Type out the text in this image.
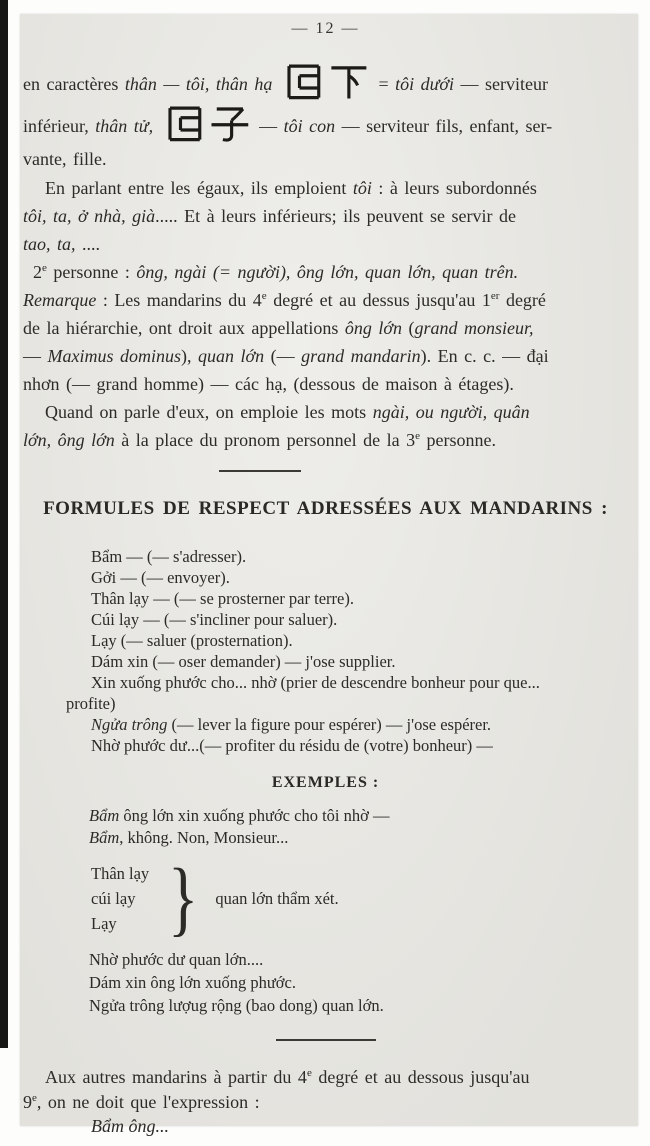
— 12 —

en caractères thân — tôi, thân hạ	= tôi dưới — serviteur
inférieur, thân tử,	— tôi con — serviteur fils, enfant, ser-
vante, fille.

En parlant entre les égaux, ils emploient tôi : à leurs subordonnés
tôi, ta, ở nhà, già..... Et à leurs inférieurs; ils peuvent se servir de
tao, ta, ....

2e personne : ông, ngài (= người), ông lớn, quan lớn, quan trên.

Remarque : Les mandarins du 4e degré et au dessus jusqu'au 1er degré
de la hiérarchie, ont droit aux appellations ông lớn (grand monsieur,
— Maximus dominus), quan lớn (— grand mandarin). En c. c. — đại
nhơn (— grand homme) — các hạ, (dessous de maison à étages).

Quand on parle d'eux, on emploie les mots ngài, ou người, quân
lớn, ông lớn à la place du pronom personnel de la 3e personne.

FORMULES DE RESPECT ADRESSÉES AUX MANDARINS :
Bẩm — (— s'adresser).
Gởi — (— envoyer).
Thân lạy — (— se prosterner par terre).
Cúi lạy — (— s'incliner pour saluer).
Lạy (— saluer (prosternation).
Dám xin (— oser demander) — j'ose supplier.
Xin xuống phước cho... nhờ (prier de descendre bonheur pour que...
profite)
Ngửa trông (— lever la figure pour espérer) — j'ose espérer.
Nhờ phước dư...(— profiter du résidu de (votre) bonheur) —
EXEMPLES :
Bẩm ông lớn xin xuống phước cho tôi nhờ —
Bẩm, không. Non, Monsieur...
Thân lạy
cúi lạy
Lạy } quan lớn thẩm xét.
Nhờ phước dư quan lớn....
Dám xin ông lớn xuống phước.
Ngửa trông lượug rộng (bao dong) quan lớn.

Aux autres mandarins à partir du 4e degré et au dessous jusqu'au
9e, on ne doit que l'expression :

Bẩm ông...
